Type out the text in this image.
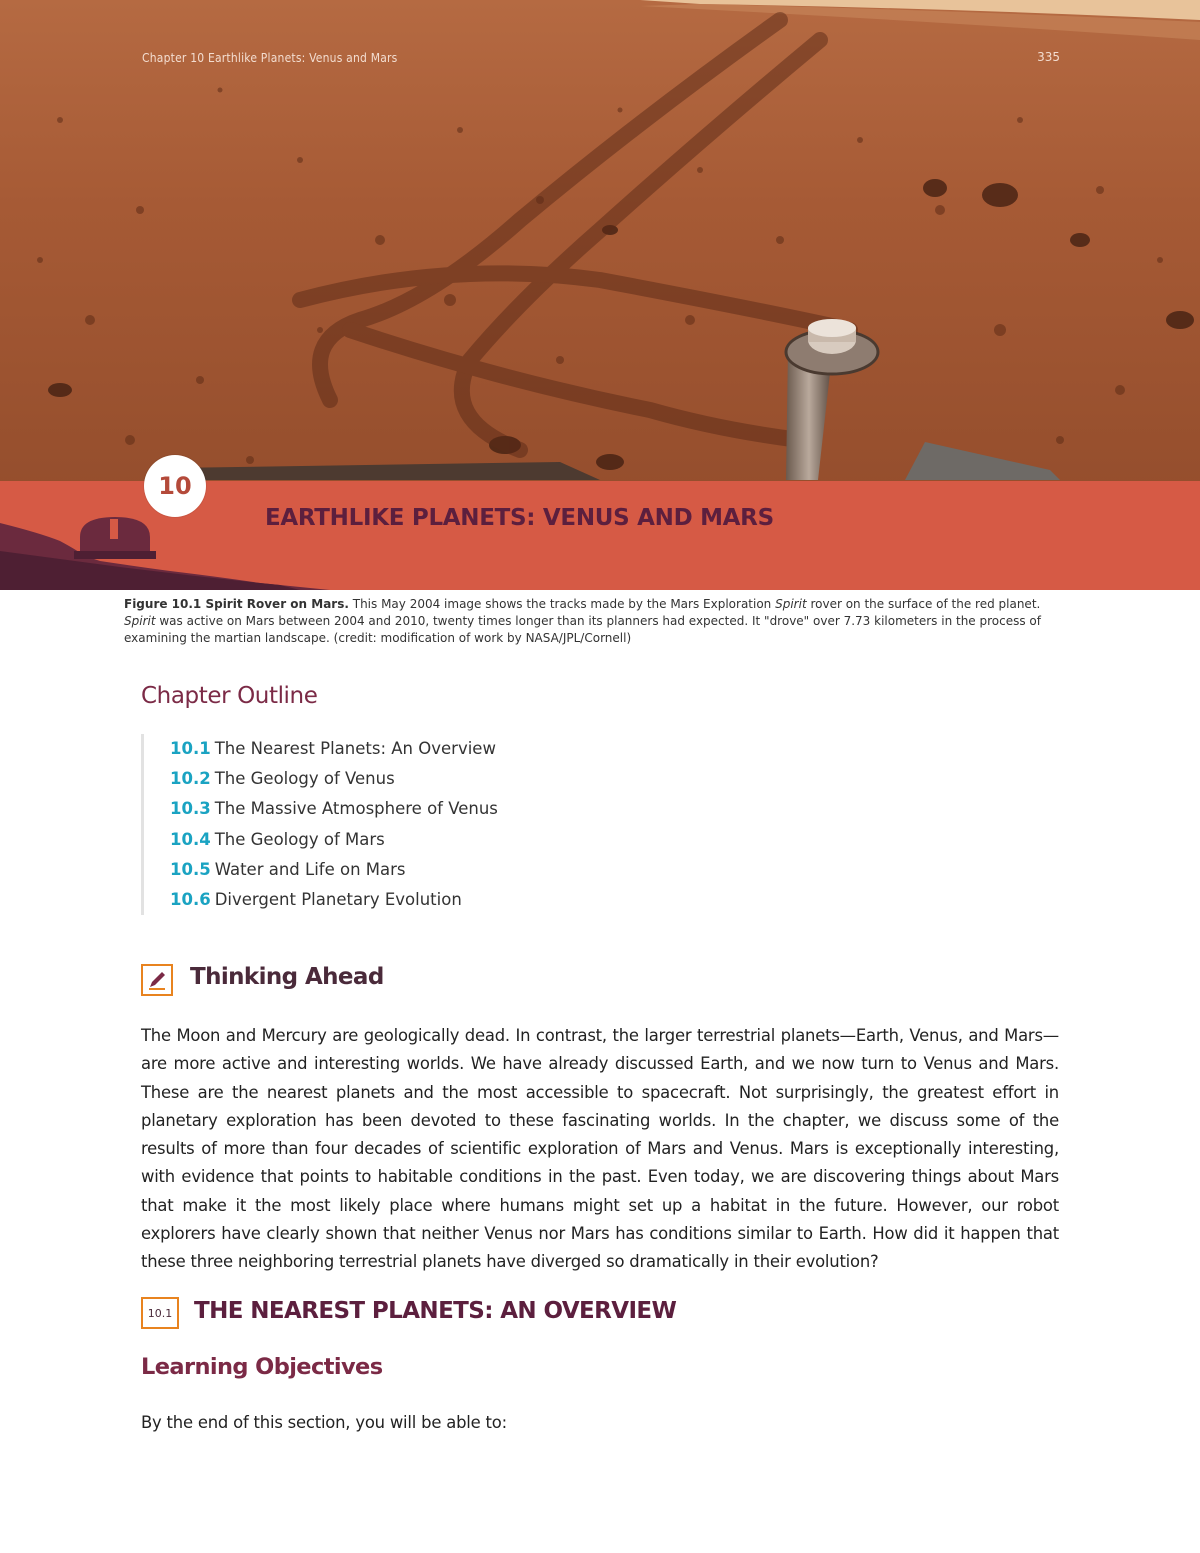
Chapter 10 Earthlike Planets: Venus and Mars	335
10
EARTHLIKE PLANETS: VENUS AND MARS
Figure 10.1 Spirit Rover on Mars. This May 2004 image shows the tracks made by the Mars Exploration Spirit rover on the surface of the red planet. Spirit was active on Mars between 2004 and 2010, twenty times longer than its planners had expected. It "drove" over 7.73 kilometers in the process of examining the martian landscape. (credit: modification of work by NASA/JPL/Cornell)
Chapter Outline
10.1 The Nearest Planets: An Overview
10.2 The Geology of Venus
10.3 The Massive Atmosphere of Venus
10.4 The Geology of Mars
10.5 Water and Life on Mars
10.6 Divergent Planetary Evolution
Thinking Ahead
The Moon and Mercury are geologically dead. In contrast, the larger terrestrial planets—Earth, Venus, and Mars—are more active and interesting worlds. We have already discussed Earth, and we now turn to Venus and Mars. These are the nearest planets and the most accessible to spacecraft. Not surprisingly, the greatest effort in planetary exploration has been devoted to these fascinating worlds. In the chapter, we discuss some of the results of more than four decades of scientific exploration of Mars and Venus. Mars is exceptionally interesting, with evidence that points to habitable conditions in the past. Even today, we are discovering things about Mars that make it the most likely place where humans might set up a habitat in the future. However, our robot explorers have clearly shown that neither Venus nor Mars has conditions similar to Earth. How did it happen that these three neighboring terrestrial planets have diverged so dramatically in their evolution?
10.1 THE NEAREST PLANETS: AN OVERVIEW
Learning Objectives
By the end of this section, you will be able to:
